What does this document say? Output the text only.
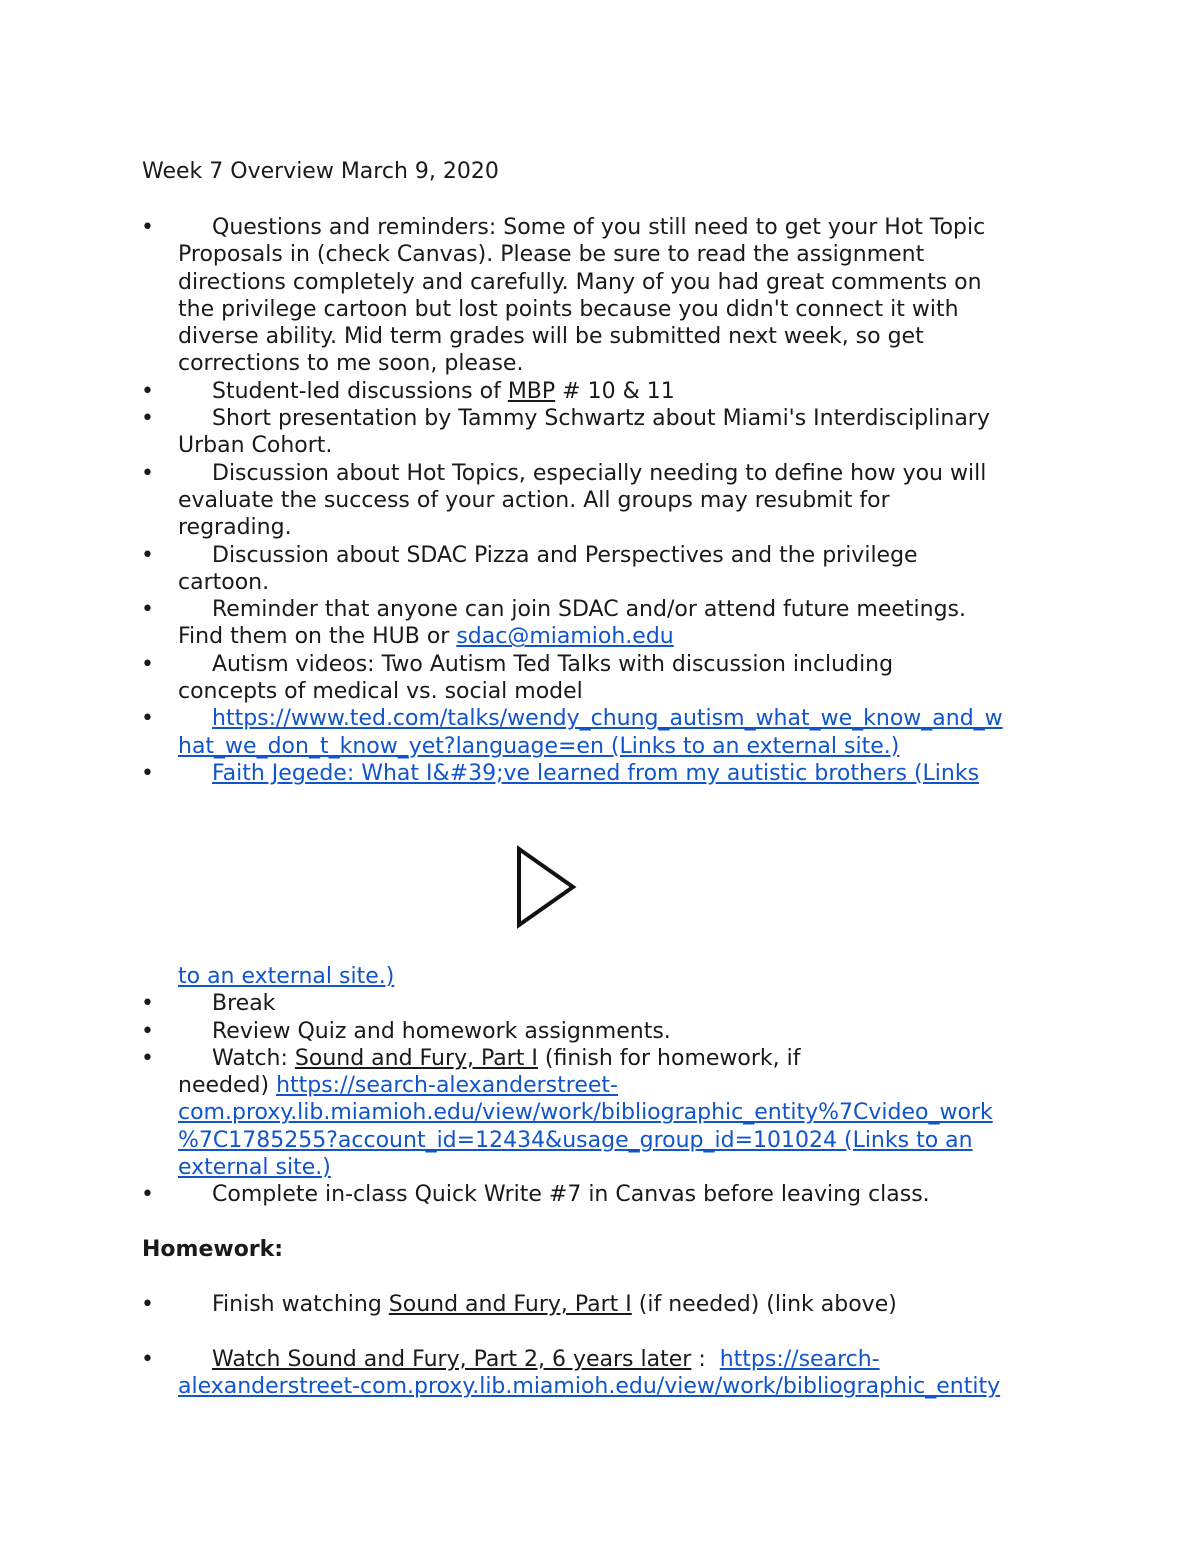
Week 7 Overview March 9, 2020
•	Questions and reminders: Some of you still need to get your Hot Topic
Proposals in (check Canvas). Please be sure to read the assignment
directions completely and carefully. Many of you had great comments on
the privilege cartoon but lost points because you didn't connect it with
diverse ability. Mid term grades will be submitted next week, so get
corrections to me soon, please.
•	Student-led discussions of MBP # 10 & 11
•	Short presentation by Tammy Schwartz about Miami's Interdisciplinary
Urban Cohort.
•	Discussion about Hot Topics, especially needing to define how you will
evaluate the success of your action. All groups may resubmit for
regrading.
•	Discussion about SDAC Pizza and Perspectives and the privilege
cartoon.
•	Reminder that anyone can join SDAC and/or attend future meetings.
Find them on the HUB or sdac@miamioh.edu
•	Autism videos: Two Autism Ted Talks with discussion including
concepts of medical vs. social model
•	https://www.ted.com/talks/wendy_chung_autism_what_we_know_and_w
hat_we_don_t_know_yet?language=en (Links to an external site.)
•	Faith Jegede: What I&#39;ve learned from my autistic brothers (Links
to an external site.)
•	Break
•	Review Quiz and homework assignments.
•	Watch: Sound and Fury, Part I (finish for homework, if
needed) https://search-alexanderstreet-
com.proxy.lib.miamioh.edu/view/work/bibliographic_entity%7Cvideo_work
%7C1785255?account_id=12434&usage_group_id=101024 (Links to an
external site.)
•	Complete in-class Quick Write #7 in Canvas before leaving class.
Homework:
•	Finish watching Sound and Fury, Part I (if needed) (link above)
•	Watch Sound and Fury, Part 2, 6 years later :  https://search-
alexanderstreet-com.proxy.lib.miamioh.edu/view/work/bibliographic_entity
